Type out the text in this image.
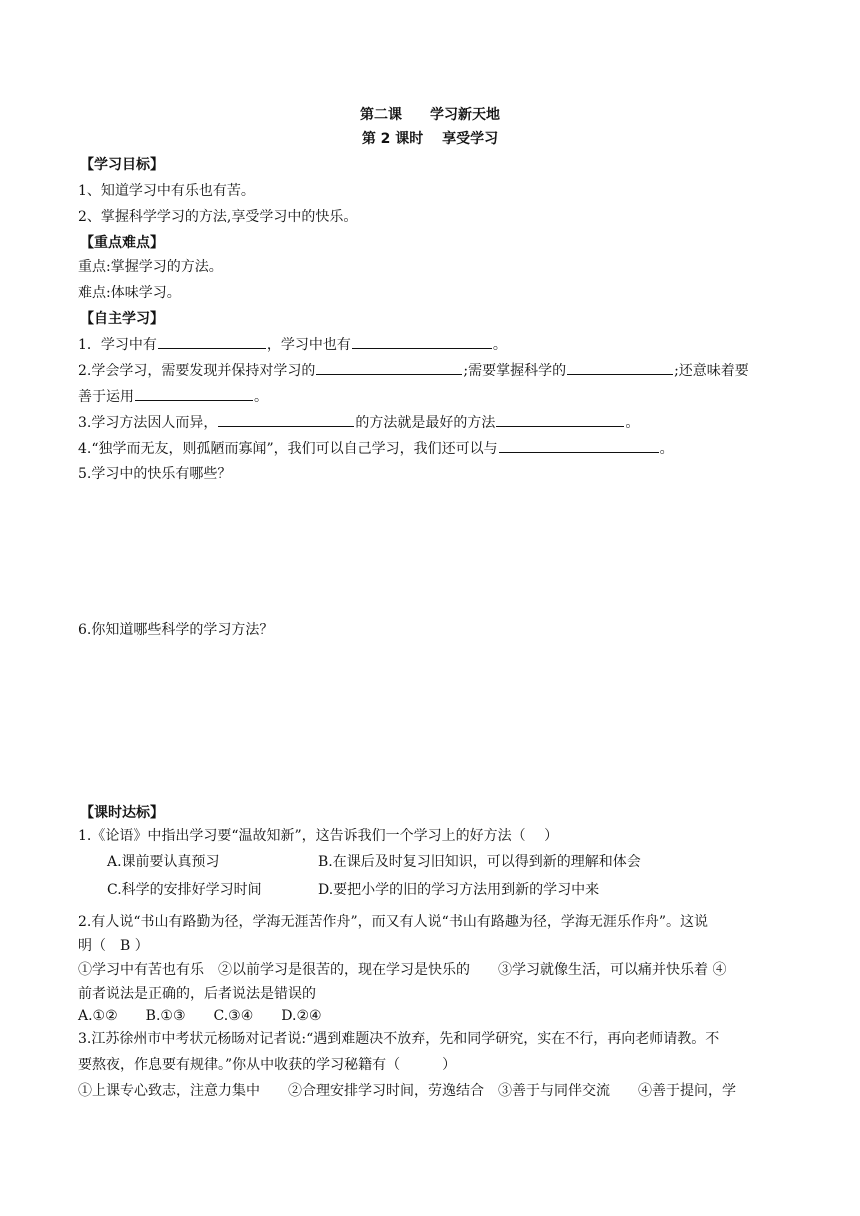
第二课　　学习新天地
第 2 课时　 享受学习
【学习目标】
1、知道学习中有乐也有苦。
2、掌握科学学习的方法,享受学习中的快乐。
【重点难点】
重点:掌握学习的方法。
难点:体味学习。
【自主学习】
1．学习中有	，学习中也有	。
2.学会学习，需要发现并保持对学习的	;需要掌握科学的	;还意味着要
善于运用	。
3.学习方法因人而异，	的方法就是最好的方法	。
4.“独学而无友，则孤陋而寡闻”，我们可以自己学习，我们还可以与	。
5.学习中的快乐有哪些？
6.你知道哪些科学的学习方法？
【课时达标】
1.《论语》中指出学习要“温故知新”，这告诉我们一个学习上的好方法（　 ）
A.课前要认真预习	B.在课后及时复习旧知识，可以得到新的理解和体会
C.科学的安排好学习时间	D.要把小学的旧的学习方法用到新的学习中来
2.有人说“书山有路勤为径，学海无涯苦作舟”，而又有人说“书山有路趣为径，学海无涯乐作舟”。这说
明（　B ）
①学习中有苦也有乐　②以前学习是很苦的，现在学习是快乐的　　③学习就像生活，可以痛并快乐着 ④
前者说法是正确的，后者说法是错误的
A.①②　　B.①③　　C.③④　　D.②④
3.江苏徐州市中考状元杨旸对记者说:“遇到难题决不放弃，先和同学研究，实在不行，再向老师请教。不
要熬夜，作息要有规律。”你从中收获的学习秘籍有（　　　）
①上课专心致志，注意力集中　　②合理安排学习时间，劳逸结合　③善于与同伴交流　　④善于提问，学
